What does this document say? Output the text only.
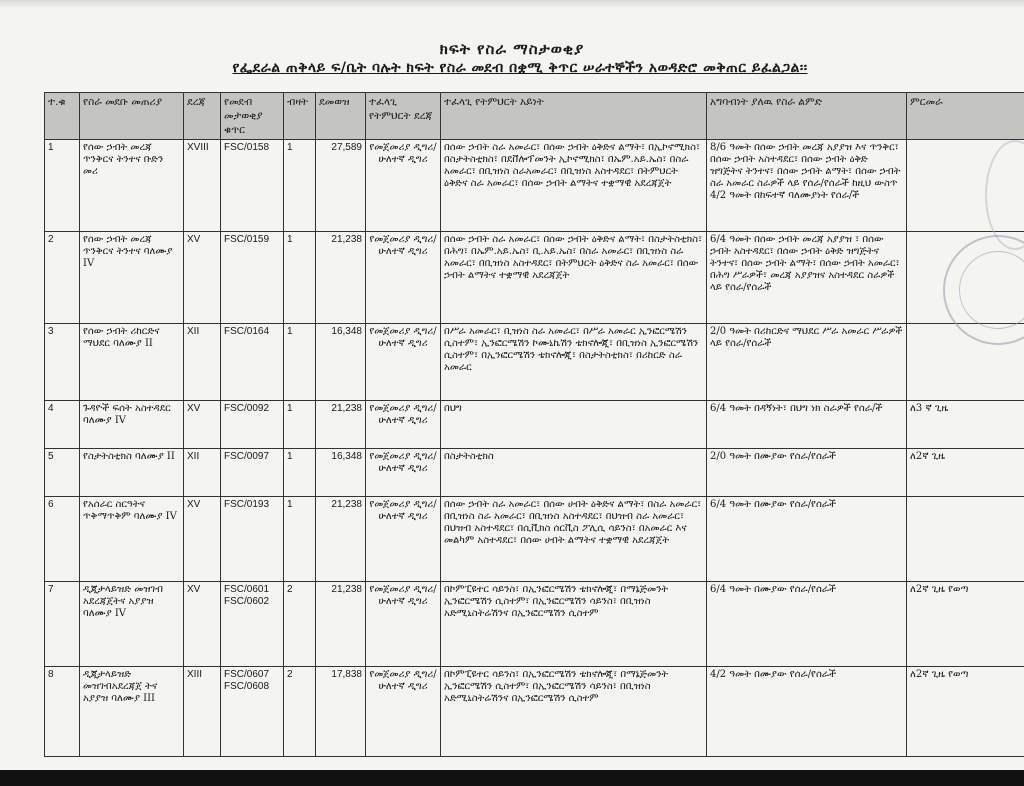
ክፍት የስራ ማስታወቂያ
የፌደራል ጠቅላይ ፍ/ቤት ባሉት ክፍት የስራ መደብ በቋሚ ቅጥር ሠራተኞችን አወዳድሮ መቅጠር ይፈልጋል፡፡
ተ.ቁ	የስራ መደቡ መጠሪያ	ደረጃ	የመደብ መታወቂያ ቁጥር	ብዛት	ደመወዝ	ተፈላጊ የትምህርት ደረጃ	ተፈላጊ የትምህርት አይነት	አግባብነት ያለዉ የስራ ልምድ	ምርመራ
1	የሰው ኃብት መረጃ ጥንቅርና ትንተና ቡድን መሪ	XVIII	FSC/0158	1	27,589	የመጀመሪያ ዲግሪ/ ሁለተኛ ዲግሪ	በሰው ኃብት ስራ አመራር፣ በሰው ኃብት ዕቅድና ልማት፣ በኢኮኖሚክስ፣ በስታትስቲክስ፣ በደቨሎፕመንት ኢኮኖሚክስ፣ በኤም.አይ.ኤስ፣ በስራ አመራር፣ በቢዝነስ ስራአመራር፣ በቢዝነስ አስተዳደር፣ በትምህርት ዕቅድና ስራ አመራር፣ በሰው ኃብት ልማትና ተቋማዊ አደረጃጀት	8/6 ዓመት በሰው ኃብት መረጃ አያያዝ እና ጥንቅር፣ በሰው ኃብት አስተዳደር፣ በሰው ኃብት ዕቅድ ዝግጅትና ትንተና፣ በሰው ኃብት ልማት፣ በሰው ኃብት ስራ አመራር ስራዎች ላይ የሰራ/የሰራች ከዚህ ውስጥ 4/2 ዓመት በከፍተኛ ባለሙያነት የሰራ/ች	
2	የሰው ኃብት መረጃ ጥንቅርና ትንተና ባለሙያ IV	XV	FSC/0159	1	21,238	የመጀመሪያ ዲግሪ/ ሁለተኛ ዲግሪ	በሰው ኃብት ስራ አመራር፣ በሰው ኃብት ዕቅድና ልማት፣ በስታትስቲክስ፣ በሕግ፣ በኤም.አይ.ኤስ፣ ቢ.አይ.ኤስ፣ በስራ አመራር፣ በቢዝነስ ስራ አመራር፣ በቢዝነስ አስተዳደር፣ በትምህርት ዕቅድና ስራ አመራር፣ በሰው ኃብት ልማትና ተቋማዊ አደረጃጀት	6/4 ዓመት በሰው ኃብት መረጃ አያያዝ ፣ በሰው ኃብት አስተዳደር፣ በሰው ኃብት ዕቅድ ዝግጅትና ትንተና፣ በሰው ኃብት ልማት፣ በሰው ኃብት አመራር፣ በሕግ ሥራዎች፣ መረጃ አያያዝና አስተዳደር ስራዎች ላይ የሰራ/የሰራች	
3	የሰው ኃብት ሪከርድና ማህደር ባለሙያ II	XII	FSC/0164	1	16,348	የመጀመሪያ ዲግሪ/ ሁለተኛ ዲግሪ	በሥራ አመራር፣ ቢዝነስ ስራ አመራር፣ በሥራ አመራር ኢንፎርሜሽን ሲስተም፣ ኢንፎርሜሽን ኮሙኒኬሽን ቴክኖሎጂ፣ በቢዝነስ ኢንፎርሜሽን ሲስተም፣ በኢንፎርሜሽን ቴክኖሎጂ፣ በስታትስቲክስ፣ በሪከርድ ስራ አመራር	2/0 ዓመት በሪከርድና ማህደር ሥራ አመራር ሥራዎች ላይ የሰራ/የሰራች	
4	ጉዳዮች ፍሰት አስተዳደር ባለሙያ IV	XV	FSC/0092	1	21,238	የመጀመሪያ ዲግሪ/ ሁለተኛ ዲግሪ	በህግ	6/4 ዓመት በዳኝነት፣ በህግ ነክ ስራዎች የሰራ/ች	ለ3 ኛ ጊዜ
5	የስታትስቲክስ ባለሙያ II	XII	FSC/0097	1	16,348	የመጀመሪያ ዲግሪ/ ሁለተኛ ዲግሪ	በስታትስቲክስ	2/0 ዓመት በሙያው የሰራ/የሰራች	ለ2ኛ ጊዜ
6	የአሰራር ስርዓትና ጥቅማጥቅም ባለሙያ IV	XV	FSC/0193	1	21,238	የመጀመሪያ ዲግሪ/ ሁለተኛ ዲግሪ	በሰው ኃብት ስራ አመራር፣ በሰው ሀብት ዕቅድና ልማት፣ በስራ አመራር፣ በቢዝነስ ስራ አመራር፣ በቢዝነስ አስተዳደር፣ በህዝብ ስራ አመራር፣ በህዝብ አስተዳደር፣ በሲቪክስ ሰርቪስ ፖሊሲ ሳይንስ፣ በአመራር እና መልካም አስተዳደር፣ በሰው ሀብት ልማትና ተቋማዊ አደረጃጀት	6/4 ዓመት በሙያው የሰራ/የሰራች	
7	ዲጂታላይዝድ መዝገብ አደረጃጀትና አያያዝ ባለሙያ IV	XV	FSC/0601 FSC/0602	2	21,238	የመጀመሪያ ዲግሪ/ ሁለተኛ ዲግሪ	በኮምፒዩተር ሳይንስ፣ በኢንፎርሜሽን ቴክኖሎጂ፣ በማኔጅመንት ኢንፎርሜሽን ሲስተም፣ በኢንፎርሜሽን ሳይንስ፣ በቢዝነስ አድሚኒስትሬሽንና በኢንፎርሜሽን ሲስተም	6/4 ዓመት በሙያው የሰራ/የሰራች	ለ2ኛ ጊዜ የወጣ
8	ዲጂታላይዝድ መዝገብአደረጃጀ ትና አያያዝ ባለሙያ III	XIII	FSC/0607 FSC/0608	2	17,838	የመጀመሪያ ዲግሪ/ ሁለተኛ ዲግሪ	በኮምፒዩተር ሳይንስ፣ በኢንፎርሜሽን ቴክኖሎጂ፣ በማኔጅመንት ኢንፎርሜሽን ሲስተም፣ በኢንፎርሜሽን ሳይንስ፣ በቢዝነስ አድሚኒስትሬሽንና በኢንፎርሜሽን ሲስተም	4/2 ዓመት በሙያው የሰራ/የሰራች	ለ2ኛ ጊዜ የወጣ
